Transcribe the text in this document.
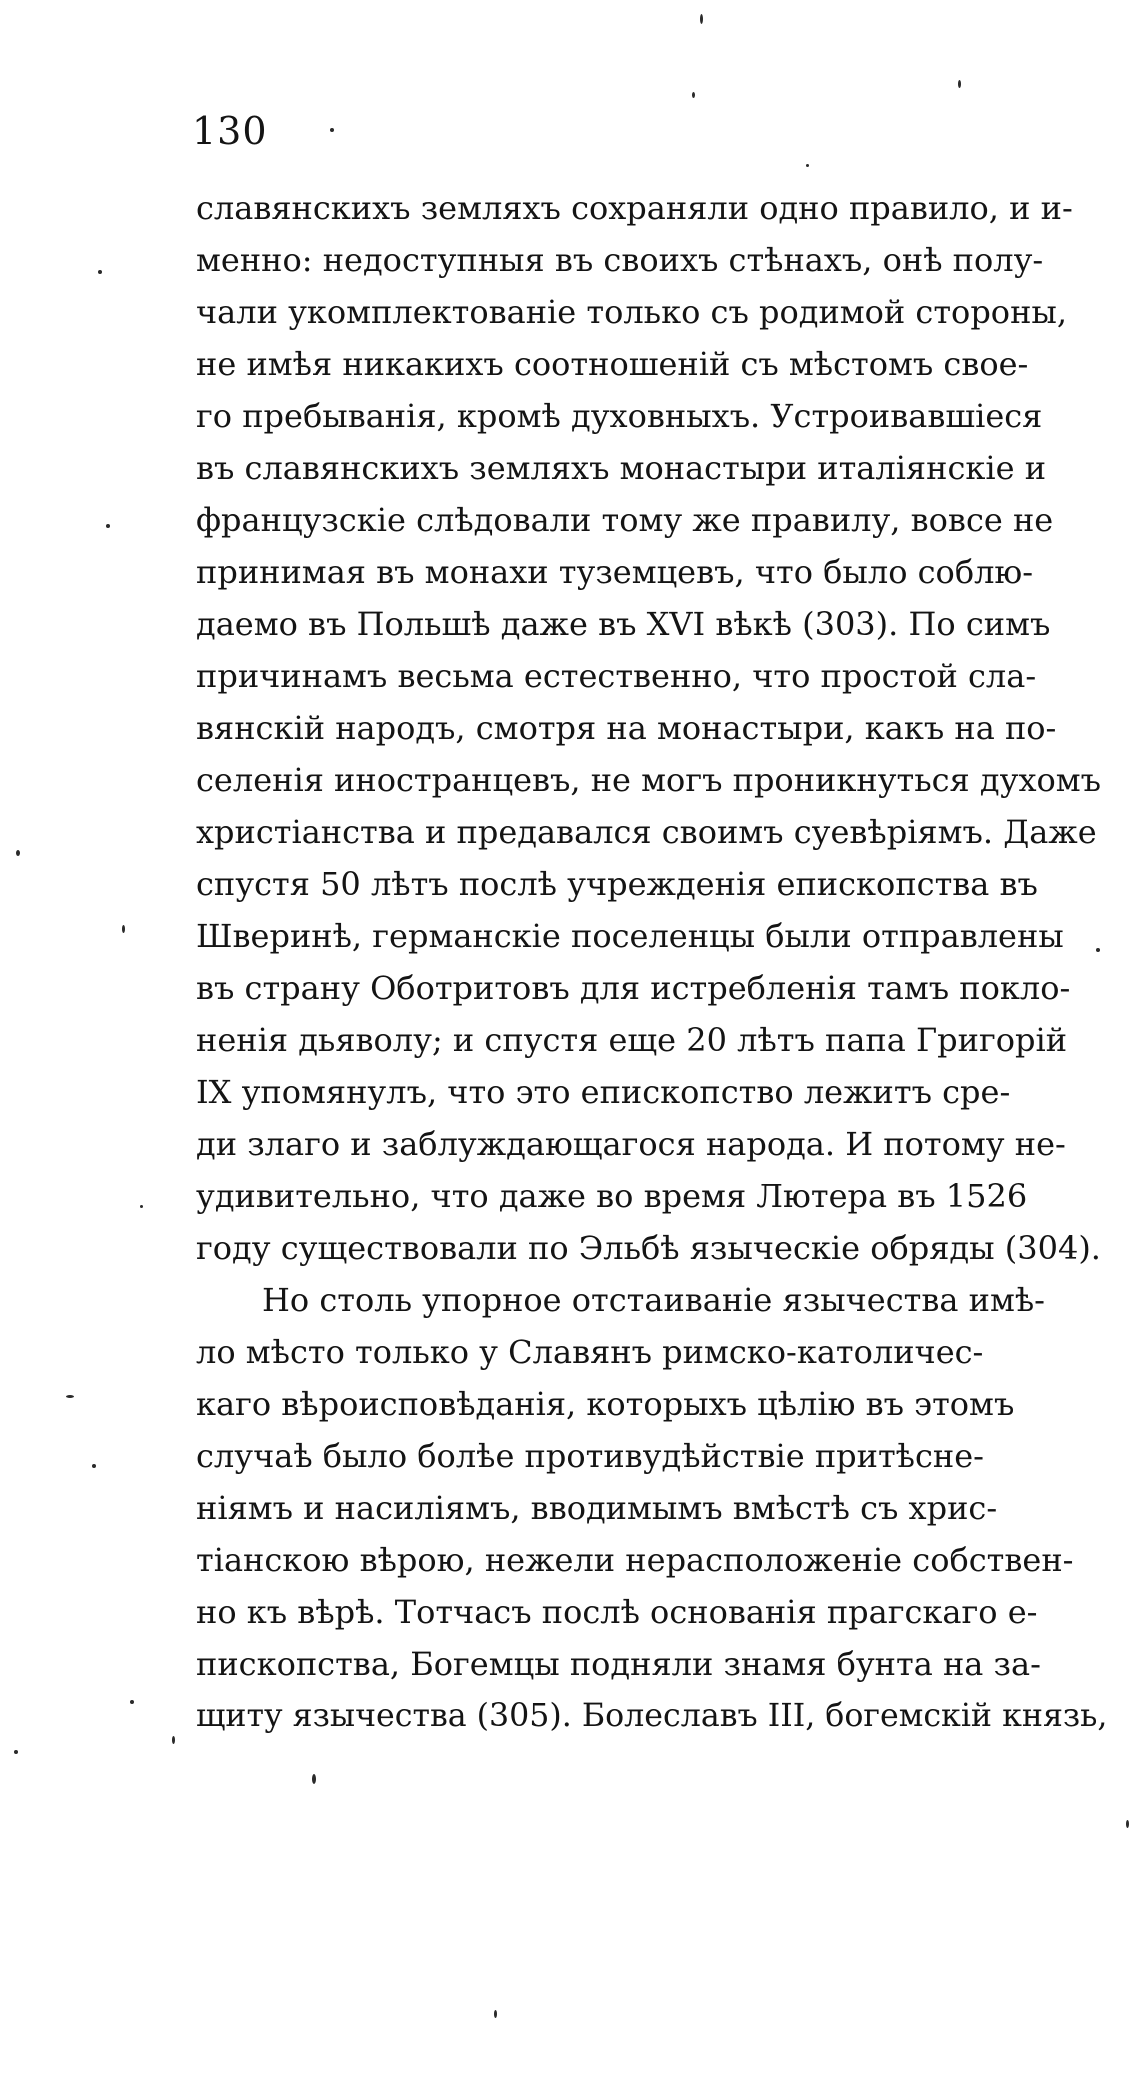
130
славянскихъ земляхъ сохраняли одно правило, и и-
менно: недоступныя въ своихъ стѣнахъ, онѣ полу-
чали укомплектованіе только съ родимой стороны,
не имѣя никакихъ соотношеній съ мѣстомъ свое-
го пребыванія, кромѣ духовныхъ. Устроивавшіеся
въ славянскихъ земляхъ монастыри италіянскіе и
французскіе слѣдовали тому же правилу, вовсе не
принимая въ монахи туземцевъ, что было соблю-
даемо въ Польшѣ даже въ XVI вѣкѣ (303). По симъ
причинамъ весьма естественно, что простой сла-
вянскій народъ, смотря на монастыри, какъ на по-
селенія иностранцевъ, не могъ проникнуться духомъ
христіанства и предавался своимъ суевѣріямъ. Даже
спустя 50 лѣтъ послѣ учрежденія епископства въ
Шверинѣ, германскіе поселенцы были отправлены
въ страну Оботритовъ для истребленія тамъ покло-
ненія дьяволу; и спустя еще 20 лѣтъ папа Григорій
IX упомянулъ, что это епископство лежитъ сре-
ди злаго и заблуждающагося народа. И потому не-
удивительно, что даже во время Лютера въ 1526
году существовали по Эльбѣ языческіе обряды (304).
Но столь упорное отстаиваніе язычества имѣ-
ло мѣсто только у Славянъ римско-католичес-
каго вѣроисповѣданія, которыхъ цѣлію въ этомъ
случаѣ было болѣе противудѣйствіе притѣсне-
ніямъ и насиліямъ, вводимымъ вмѣстѣ съ хрис-
тіанскою вѣрою, нежели нерасположеніе собствен-
но къ вѣрѣ. Тотчасъ послѣ основанія прагскаго е-
пископства, Богемцы подняли знамя бунта на за-
щиту язычества (305). Болеславъ III, богемскій князь,
